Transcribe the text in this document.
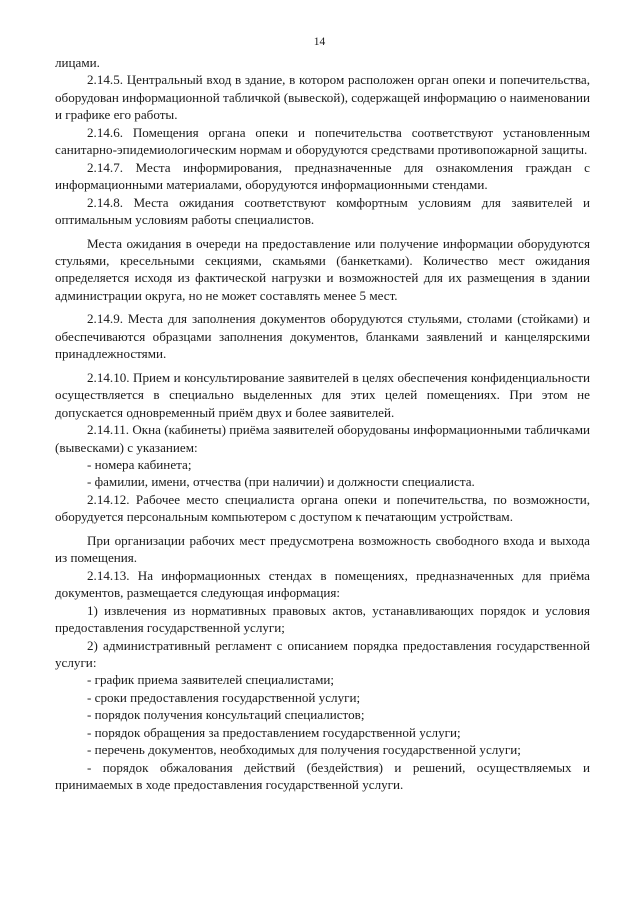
14

лицами.

2.14.5. Центральный вход в здание, в котором расположен орган опеки и попечительства, оборудован информационной табличкой (вывеской), содержащей информацию о наименовании и графике его работы.

2.14.6. Помещения органа опеки и попечительства соответствуют установленным санитарно-эпидемиологическим нормам и оборудуются средствами противопожарной защиты.

2.14.7. Места информирования, предназначенные для ознакомления граждан с информационными материалами, оборудуются информационными стендами.

2.14.8. Места ожидания соответствуют комфортным условиям для заявителей и оптимальным условиям работы специалистов.

Места ожидания в очереди на предоставление или получение информации оборудуются стульями, кресельными секциями, скамьями (банкетками). Количество мест ожидания определяется исходя из фактической нагрузки и возможностей для их размещения в здании администрации округа, но не может составлять менее 5 мест.

2.14.9. Места для заполнения документов оборудуются стульями, столами (стойками) и обеспечиваются образцами заполнения документов, бланками заявлений и канцелярскими принадлежностями.

2.14.10. Прием и консультирование заявителей в целях обеспечения конфиденциальности осуществляется в специально выделенных для этих целей помещениях. При этом не допускается одновременный приём двух и более заявителей.

2.14.11. Окна (кабинеты) приёма заявителей оборудованы информационными табличками (вывесками) с указанием:

- номера кабинета;

- фамилии, имени, отчества (при наличии) и должности специалиста.

2.14.12. Рабочее место специалиста органа опеки и попечительства, по возможности, оборудуется персональным компьютером с доступом к печатающим устройствам.

При организации рабочих мест предусмотрена возможность свободного входа и выхода из помещения.

2.14.13. На информационных стендах в помещениях, предназначенных для приёма документов, размещается следующая информация:

1) извлечения из нормативных правовых актов, устанавливающих порядок и условия предоставления государственной услуги;

2) административный регламент с описанием порядка предоставления государственной услуги:

- график приема заявителей специалистами;

- сроки предоставления государственной услуги;

- порядок получения консультаций специалистов;

- порядок обращения за предоставлением государственной услуги;

- перечень документов, необходимых для получения государственной услуги;

- порядок обжалования действий (бездействия) и решений, осуществляемых и принимаемых в ходе предоставления государственной услуги.
